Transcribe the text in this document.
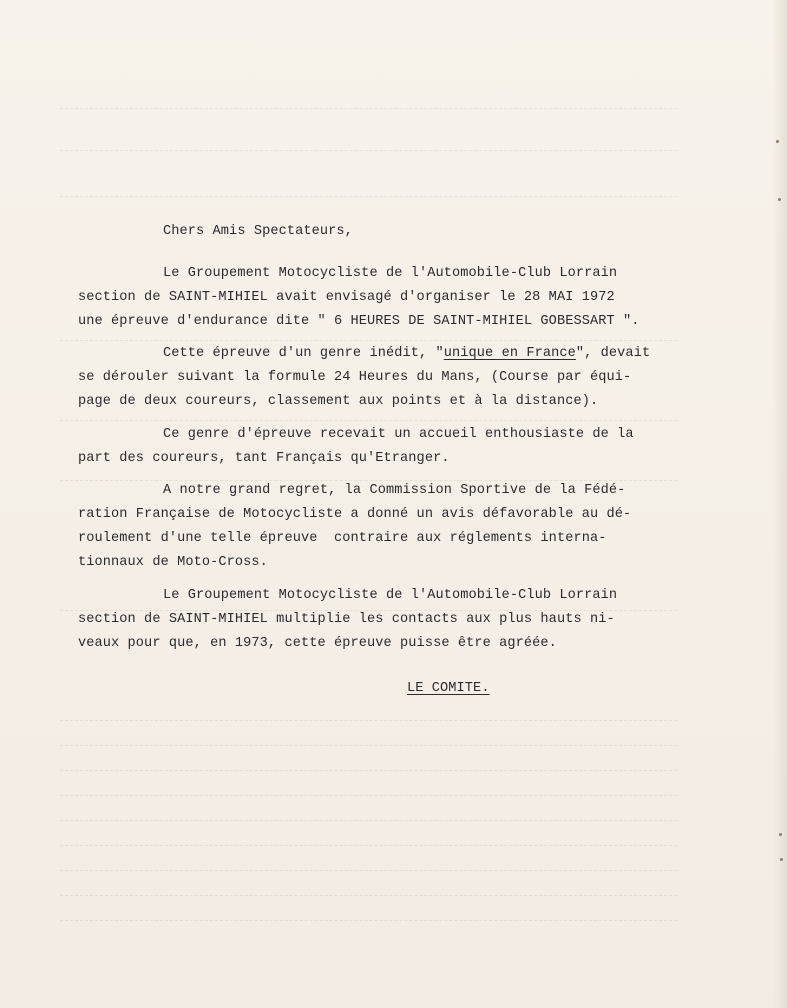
Chers Amis Spectateurs,
Le Groupement Motocycliste de l'Automobile-Club Lorrain
section de SAINT-MIHIEL avait envisagé d'organiser le 28 MAI 1972
une épreuve d'endurance dite " 6 HEURES DE SAINT-MIHIEL GOBESSART ".
Cette épreuve d'un genre inédit, "unique en France", devait
se dérouler suivant la formule 24 Heures du Mans, (Course par équi-
page de deux coureurs, classement aux points et à la distance).
Ce genre d'épreuve recevait un accueil enthousiaste de la
part des coureurs, tant Français qu'Etranger.
A notre grand regret, la Commission Sportive de la Fédé-
ration Française de Motocycliste a donné un avis défavorable au dé-
roulement d'une telle épreuve  contraire aux réglements interna-
tionnaux de Moto-Cross.
Le Groupement Motocycliste de l'Automobile-Club Lorrain
section de SAINT-MIHIEL multiplie les contacts aux plus hauts ni-
veaux pour que, en 1973, cette épreuve puisse être agréée.
LE COMITE.
